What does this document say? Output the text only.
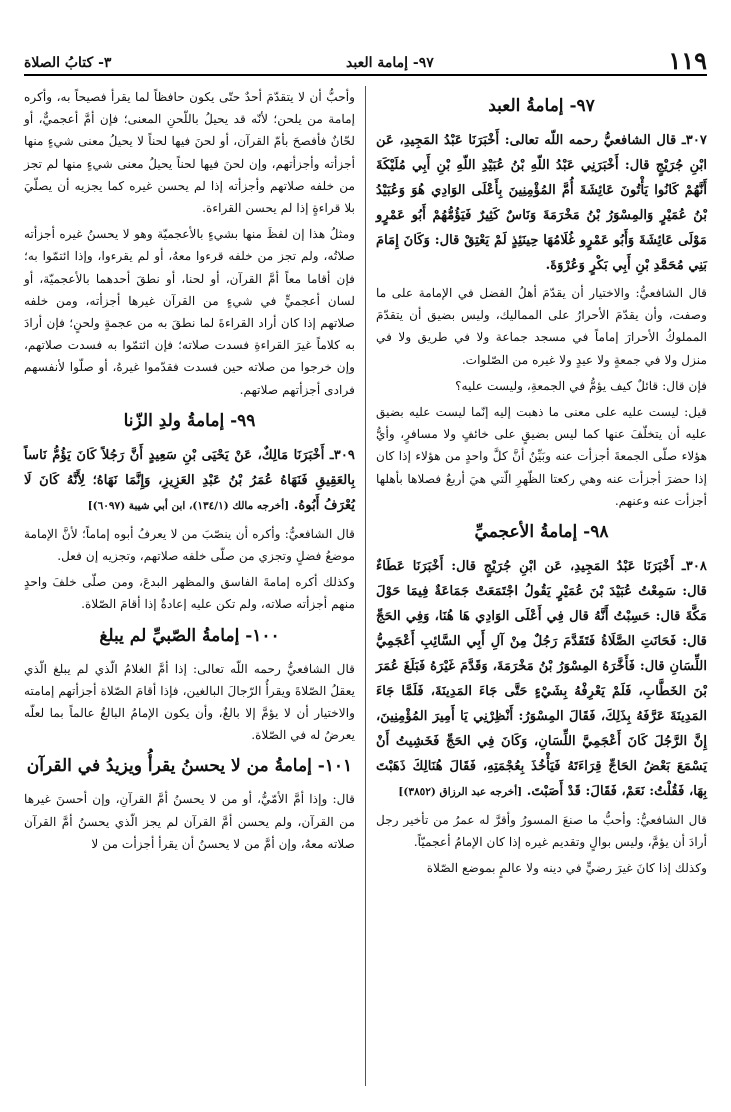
١١٩
٩٧- إمامة العبد
٣- كتابُ الصلاة
٩٧- إمامةُ العبد

٣٠٧ـ قال الشافعيُّ رحمه اللّه تعالى: أَخْبَرَنَا عَبْدُ المَجِيدِ، عَن ابْنِ جُرَيْجٍ قال: أَخْبَرَنِي عَبْدُ اللّهِ بْنُ عُبَيْدِ اللّهِ بْنِ أَبِي مُلَيْكَةَ أَنَّهُمْ كَانُوا يَأْتُونَ عَائِشَةَ أُمَّ المُؤْمِنِينَ بِأَعْلَى الوَادِي هُوَ وَعُبَيْدُ بْنُ عُمَيْرٍ وَالمِسْوَرُ بْنُ مَخْرَمَةَ وَنَاسٌ كَثِيرٌ فَيَؤُمُّهُمْ أَبُو عَمْرٍو مَوْلَى عَائِشَةَ وَأَبُو عَمْرٍو غُلَامُهَا حِينَئِذٍ لَمْ يَعْتِقْ قال: وَكَانَ إِمَامَ بَنِي مُحَمَّدِ بْنِ أَبِي بَكْرٍ وَعُرْوَةَ.

قال الشافعيُّ: والاختيار أن يقدّمَ أهلُ الفضل في الإمامة على ما وصفت، وأن يقدّمَ الأحرارُ على المماليك، وليس بضيق أن يتقدّمَ المملوكُ الأحرارَ إماماً في مسجد جماعة ولا في طريق ولا في منزل ولا في جمعةٍ ولا عيدٍ ولا غيره من الصّلوات.

فإن قال: قائلٌ كيف يؤمُّ في الجمعةِ، وليست عليه؟

قيل: ليست عليه على معنى ما ذهبت إليه إنّما ليست عليه بضيق عليه أن يتخلّفَ عنها كما ليس بضيقٍ على خائفٍ ولا مسافرٍ، وأيُّ هؤلاء صلّى الجمعةَ أجزأت عنه وبَيِّنٌ أنَّ كلَّ واحدٍ من هؤلاء إذا كان إذا حضرَ أجزأت عنه وهي ركعتا الظّهرِ الّتي هيَ أربعٌ فصلاها بأهلها أجزأت عنه وعنهم.

٩٨- إمامةُ الأعجميِّ

٣٠٨ـ أَخْبَرَنَا عَبْدُ المَجِيدِ، عَن ابْنِ جُرَيْجٍ قال: أَخْبَرَنَا عَطَاءٌ قال: سَمِعْتُ عُبَيْدَ بْنَ عُمَيْرٍ يَقُولُ اجْتَمَعَتْ جَمَاعَةٌ فِيمَا حَوْلَ مَكَّةَ قال: حَسِبْتُ أَنَّهُ قال فِي أَعْلَى الوَادِي هَا هُنَا، وَفِي الحَجِّ قال: فَحَانَتِ الصَّلَاةُ فَتَقَدَّمَ رَجُلٌ مِنْ آلِ أَبِي السَّائِبِ أَعْجَمِيُّ اللِّسَانِ قال: فَأَخَّرَهُ المِسْوَرُ بْنُ مَخْرَمَةَ، وَقَدَّمَ غَيْرَهُ فَبَلَغَ عُمَرَ بْنَ الخَطَّابِ، فَلَمْ يَعْرِفْهُ بِشَيْءٍ حَتَّى جَاءَ المَدِينَةَ، فَلَمَّا جَاءَ المَدِينَةَ عَرَّفَهُ بِذَلِكَ، فَقَالَ المِسْوَرُ: أَنْظِرْنِي يَا أَمِيرَ المُؤْمِنِينَ، إِنَّ الرَّجُلَ كَانَ أَعْجَمِيَّ اللِّسَانِ، وَكَانَ فِي الحَجِّ فَخَشِيتُ أَنْ يَسْمَعَ بَعْضُ الحَاجِّ قِرَاءَتَهُ فَيَأْخُذَ بِعُجْمَتِهِ، فَقَالَ هُنَالِكَ ذَهَبْتَ بِهَا، فَقُلْتُ: نَعَمْ، فَقَالَ: قَدْ أَصَبْتَ. [أخرجه عبد الرزاق (٣٨٥٢)]

قال الشافعيُّ: وأحبُّ ما صنعَ المسورُ وأقرَّ له عمرُ من تأخير رجل أرادَ أن يؤمَّ، وليس بوالٍ وتقديم غيره إذا كان الإمامُ أعجميّاً.

وكذلك إذا كانَ غيرَ رضيٍّ في دينه ولا عالمٍ بموضع الصّلاة

وأحبُّ أن لا يتقدّمَ أحدٌ حتّى يكون حافظاً لما يقرأ فصيحاً به، وأكره إمامة من يلحن؛ لأنّه قد يحيلُ باللّحنِ المعنى؛ فإن أمَّ أعجميٌّ، أو لحّانٌ فأفصحَ بأمّ القرآن، أو لحنَ فيها لحناً لا يحيلُ معنى شيءٍ منها أجزأته وأجزأتهم، وإن لحنَ فيها لحناً يحيلُ معنى شيءٍ منها لم تجز من خلفه صلاتهم وأجزأته إذا لم يحسن غيره كما يجزيه أن يصلّيَ بلا قراءةٍ إذا لم يحسن القراءة.

ومثلُ هذا إن لفظَ منها بشيءٍ بالأعجميّة وهو لا يحسنُ غيره أجزأته صلاتُه، ولم تجز من خلفه قرءوا معهُ، أو لم يقرءوا، وإذا ائتمّوا به؛ فإن أقاما معاً أمَّ القرآن، أو لحنا، أو نطقَ أحدهما بالأعجميّة، أو لسان أعجميٍّ في شيءٍ من القرآن غيرها أجزأته، ومن خلفه صلاتهم إذا كان أراد القراءةَ لما نطقَ به من عجمةٍ ولحنٍ؛ فإن أرادَ به كلاماً غيرَ القراءةِ فسدت صلاته؛ فإن ائتمّوا به فسدت صلاتهم، وإن خرجوا من صلاته حين فسدت فقدّموا غيرهُ، أو صلّوا لأنفسهم فرادى أجزأتهم صلاتهم.

٩٩- إمامةُ ولدِ الزّنا

٣٠٩ـ أَخْبَرَنَا مَالِكٌ، عَنْ يَحْيَى بْنِ سَعِيدٍ أَنَّ رَجُلاً كَانَ يَؤُمُّ نَاساً بِالعَقِيقِ فَنَهَاهُ عُمَرُ بْنُ عَبْدِ العَزِيزِ، وَإِنَّمَا نَهَاهُ؛ لِأَنَّهُ كَانَ لَا يُعْرَفُ أَبُوهُ. [أخرجه مالك (١٣٤/١)، ابن أبي شيبة (٦٠٩٧)]

قال الشافعيُّ: وأكره أن ينصّبَ من لا يعرفُ أبوه إماماً؛ لأنَّ الإمامة موضعُ فضلٍ وتجزي من صلّى خلفه صلاتهم، وتجزيه إن فعل.

وكذلك أكره إمامةَ الفاسق والمظهر البدعَ، ومن صلّى خلفَ واحدٍ منهم أجزأته صلاته، ولم تكن عليه إعادةٌ إذا أقامَ الصّلاة.

١٠٠- إمامةُ الصّبيِّ لم يبلغ

قال الشافعيُّ رحمه اللّه تعالى: إذا أمَّ الغلامُ الّذي لم يبلغ الّذي يعقلُ الصّلاةَ ويقرأُ الرّجالَ البالغين، فإذا أقامَ الصّلاة أجزأتهم إمامته والاختيار أن لا يؤمَّ إلا بالغٌ، وأن يكون الإمامُ البالغُ عالماً بما لعلّه يعرضُ له في الصّلاة.

١٠١- إمامةُ من لا يحسنُ يقرأُ ويزيدُ في القرآن

قال: وإذا أمَّ الأمّيُّ، أو من لا يحسنُ أمَّ القرآنِ، وإن أحسنَ غيرها من القرآن، ولم يحسن أمَّ القرآن لم يجز الّذي يحسنُ أمَّ القرآن صلاته معهُ، وإن أمَّ من لا يحسنُ أن يقرأ أجزأت من لا
